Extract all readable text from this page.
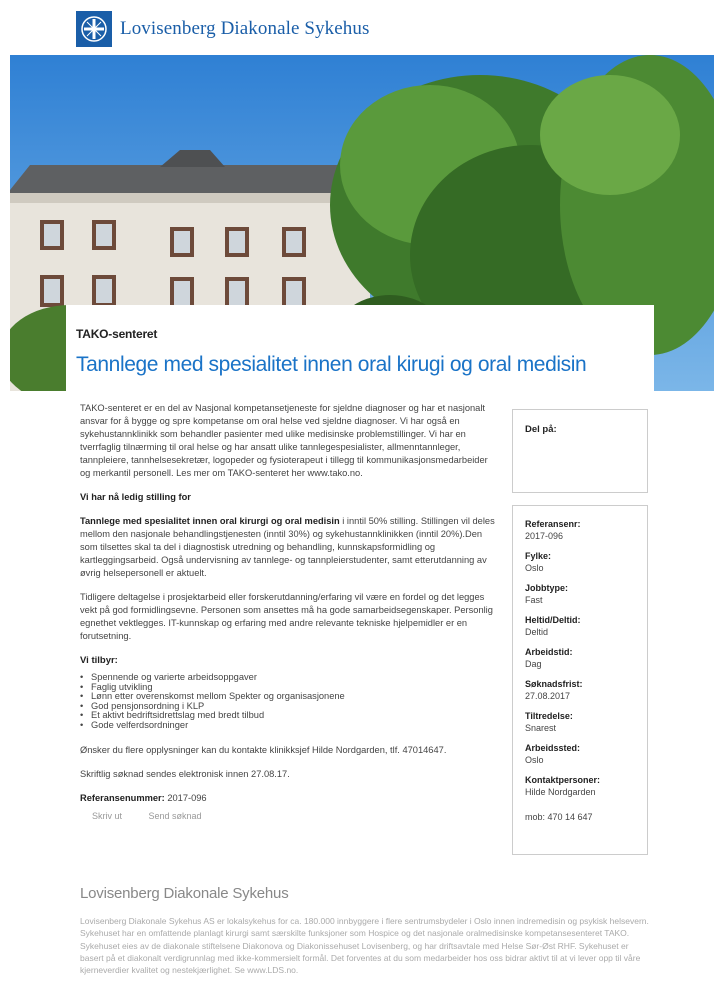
Lovisenberg Diakonale Sykehus
TAKO-senteret
Tannlege med spesialitet innen oral kirugi og oral medisin

TAKO-senteret er en del av Nasjonal kompetansetjeneste for sjeldne diagnoser og har et nasjonalt ansvar for å bygge og spre kompetanse om oral helse ved sjeldne diagnoser. Vi har også en sykehustannklinikk som behandler pasienter med ulike medisinske problemstillinger. Vi har en tverrfaglig tilnærming til oral helse og har ansatt ulike tannlegespesialister, allmenntannleger, tannpleiere, tannhelsesekretær, logopeder og fysioterapeut i tillegg til kommunikasjonsmedarbeider og merkantil personell. Les mer om TAKO-senteret her www.tako.no.

Vi har nå ledig stilling for

Tannlege med spesialitet innen oral kirurgi og oral medisin i inntil 50% stilling. Stillingen vil deles mellom den nasjonale behandlingstjenesten (inntil 30%) og sykehustannklinikken (inntil 20%).Den som tilsettes skal ta del i diagnostisk utredning og behandling, kunnskapsformidling og kartleggingsarbeid. Også undervisning av tannlege- og tannpleierstudenter, samt etterutdanning av øvrig helsepersonell er aktuelt.

Tidligere deltagelse i prosjektarbeid eller forskerutdanning/erfaring vil være en fordel og det legges vekt på god formidlingsevne. Personen som ansettes må ha gode samarbeidsegenskaper. Personlig egnethet vektlegges. IT-kunnskap og erfaring med andre relevante tekniske hjelpemidler er en forutsetning.

Vi tilbyr:
• Spennende og varierte arbeidsoppgaver
• Faglig utvikling
• Lønn etter overenskomst mellom Spekter og organisasjonene
• God pensjonsordning i KLP
• Et aktivt bedriftsidrettslag med bredt tilbud
• Gode velferdsordninger

Ønsker du flere opplysninger kan du kontakte klinikksjef Hilde Nordgarden, tlf. 47014647.

Skriftlig søknad sendes elektronisk innen 27.08.17.

Referansenummer: 2017-096

Skriv ut	Send søknad
Del på:
Referansenr:
2017-096
Fylke:
Oslo
Jobbtype:
Fast
Heltid/Deltid:
Deltid
Arbeidstid:
Dag
Søknadsfrist:
27.08.2017
Tiltredelse:
Snarest
Arbeidssted:
Oslo
Kontaktpersoner:
Hilde Nordgarden
mob: 470 14 647
Lovisenberg Diakonale Sykehus
Lovisenberg Diakonale Sykehus AS er lokalsykehus for ca. 180.000 innbyggere i flere sentrumsbydeler i Oslo innen indremedisin og psykisk helsevern. Sykehuset har en omfattende planlagt kirurgi samt særskilte funksjoner som Hospice og det nasjonale oralmedisinske kompetansesenteret TAKO. Sykehuset eies av de diakonale stiftelsene Diakonova og Diakonissehuset Lovisenberg, og har driftsavtale med Helse Sør-Øst RHF. Sykehuset er basert på et diakonalt verdigrunnlag med ikke-kommersielt formål. Det forventes at du som medarbeider hos oss bidrar aktivt til at vi lever opp til våre kjerneverdier kvalitet og nestekjærlighet. Se www.LDS.no.
